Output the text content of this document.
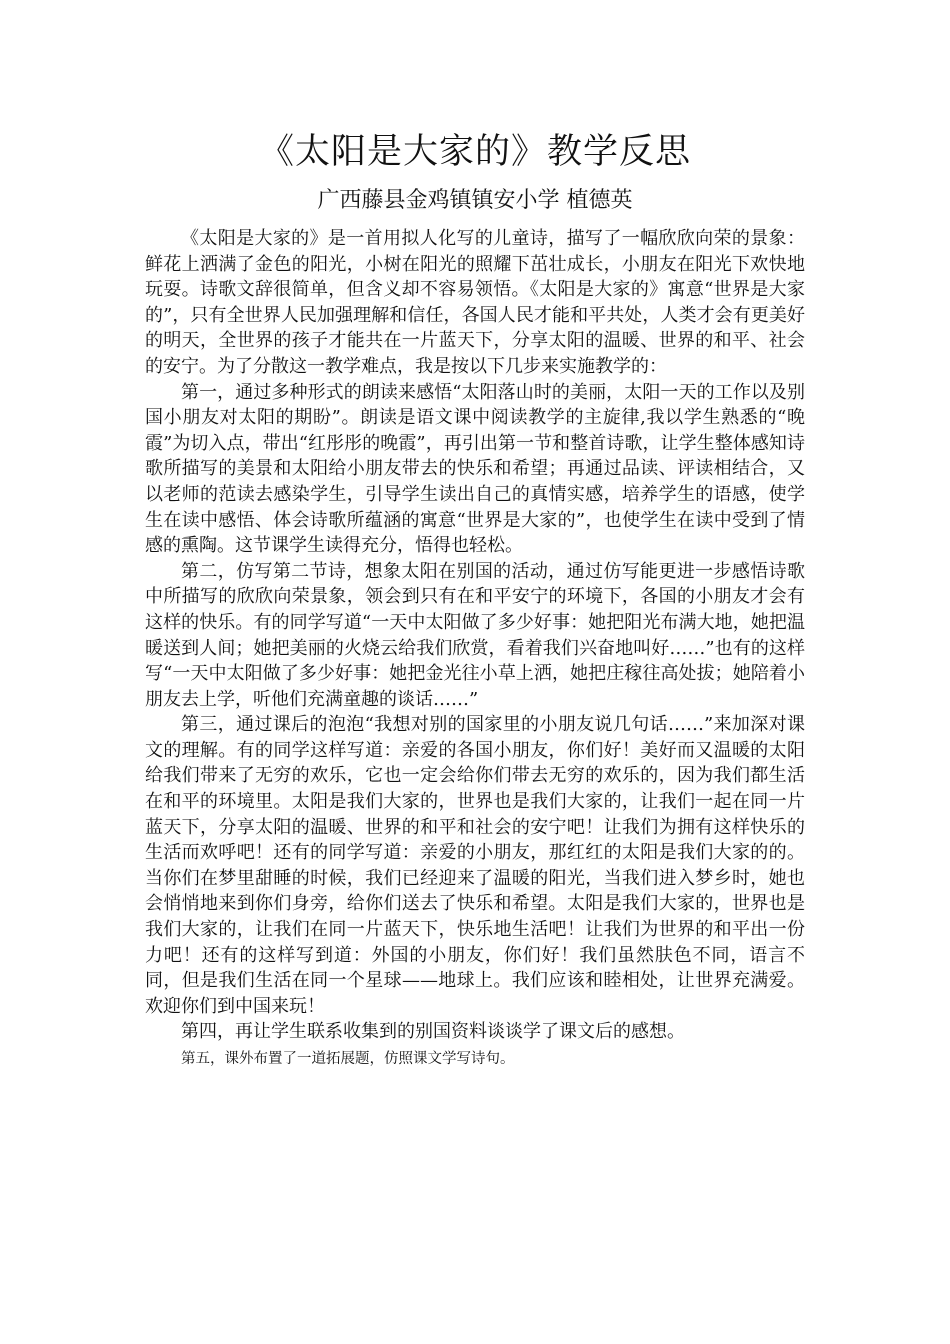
《太阳是大家的》教学反思
广西藤县金鸡镇镇安小学 植德英

《太阳是大家的》是一首用拟人化写的儿童诗，描写了一幅欣欣向荣的景象：鲜花上洒满了金色的阳光，小树在阳光的照耀下茁壮成长，小朋友在阳光下欢快地玩耍。诗歌文辞很简单，但含义却不容易领悟。《太阳是大家的》寓意“世界是大家的”，只有全世界人民加强理解和信任，各国人民才能和平共处，人类才会有更美好的明天，全世界的孩子才能共在一片蓝天下，分享太阳的温暖、世界的和平、社会的安宁。为了分散这一教学难点，我是按以下几步来实施教学的：

第一，通过多种形式的朗读来感悟“太阳落山时的美丽，太阳一天的工作以及别国小朋友对太阳的期盼”。朗读是语文课中阅读教学的主旋律,我以学生熟悉的“晚霞”为切入点，带出“红彤彤的晚霞”，再引出第一节和整首诗歌，让学生整体感知诗歌所描写的美景和太阳给小朋友带去的快乐和希望；再通过品读、评读相结合，又以老师的范读去感染学生，引导学生读出自己的真情实感，培养学生的语感，使学生在读中感悟、体会诗歌所蕴涵的寓意“世界是大家的”，也使学生在读中受到了情感的熏陶。这节课学生读得充分，悟得也轻松。

第二，仿写第二节诗，想象太阳在别国的活动，通过仿写能更进一步感悟诗歌中所描写的欣欣向荣景象，领会到只有在和平安宁的环境下，各国的小朋友才会有这样的快乐。有的同学写道“一天中太阳做了多少好事：她把阳光布满大地，她把温暖送到人间；她把美丽的火烧云给我们欣赏，看着我们兴奋地叫好……”也有的这样写“一天中太阳做了多少好事：她把金光往小草上洒，她把庄稼往高处拔；她陪着小朋友去上学，听他们充满童趣的谈话……”

第三，通过课后的泡泡“我想对别的国家里的小朋友说几句话……”来加深对课文的理解。有的同学这样写道：亲爱的各国小朋友，你们好！美好而又温暖的太阳给我们带来了无穷的欢乐，它也一定会给你们带去无穷的欢乐的，因为我们都生活在和平的环境里。太阳是我们大家的，世界也是我们大家的，让我们一起在同一片蓝天下，分享太阳的温暖、世界的和平和社会的安宁吧！让我们为拥有这样快乐的生活而欢呼吧！还有的同学写道：亲爱的小朋友，那红红的太阳是我们大家的的。当你们在梦里甜睡的时候，我们已经迎来了温暖的阳光，当我们进入梦乡时，她也会悄悄地来到你们身旁，给你们送去了快乐和希望。太阳是我们大家的，世界也是我们大家的，让我们在同一片蓝天下，快乐地生活吧！让我们为世界的和平出一份力吧！还有的这样写到道：外国的小朋友，你们好！我们虽然肤色不同，语言不同，但是我们生活在同一个星球——地球上。我们应该和睦相处，让世界充满爱。欢迎你们到中国来玩！

第四，再让学生联系收集到的别国资料谈谈学了课文后的感想。

第五，课外布置了一道拓展题，仿照课文学写诗句。
